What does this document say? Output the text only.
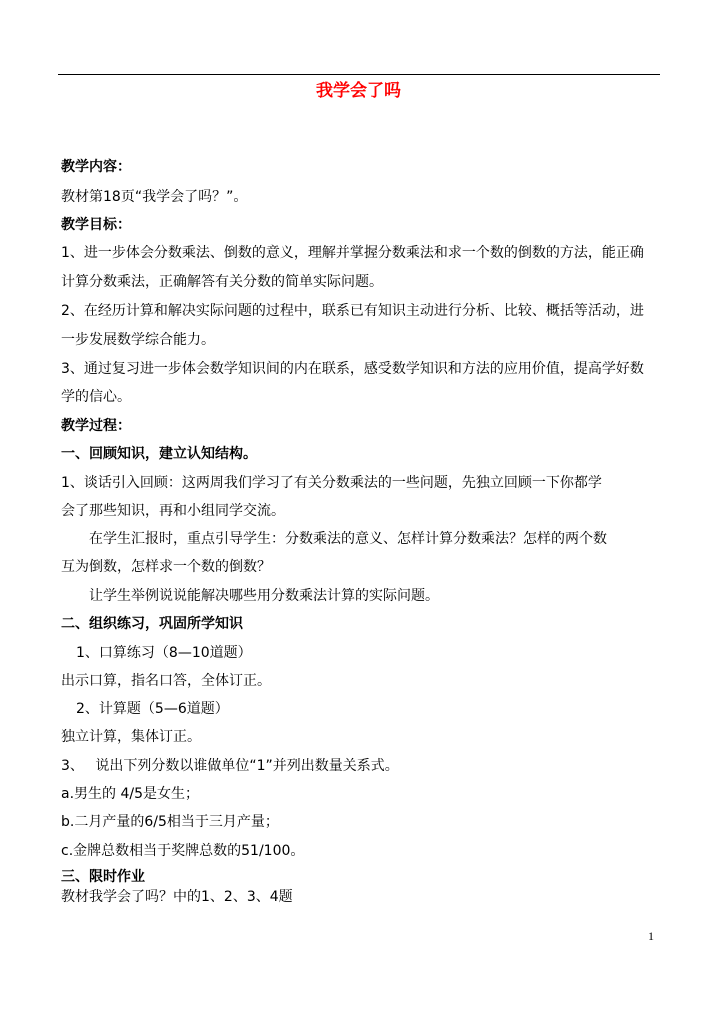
我学会了吗
教学内容：
教材第18页“我学会了吗？”。
教学目标：
1、进一步体会分数乘法、倒数的意义，理解并掌握分数乘法和求一个数的倒数的方法，能正确
计算分数乘法，正确解答有关分数的简单实际问题。
2、在经历计算和解决实际问题的过程中，联系已有知识主动进行分析、比较、概括等活动，进
一步发展数学综合能力。
3、通过复习进一步体会数学知识间的内在联系，感受数学知识和方法的应用价值，提高学好数
学的信心。
教学过程：
一、回顾知识，建立认知结构。
1、谈话引入回顾：这两周我们学习了有关分数乘法的一些问题，先独立回顾一下你都学
会了那些知识，再和小组同学交流。
在学生汇报时，重点引导学生：分数乘法的意义、怎样计算分数乘法？怎样的两个数
互为倒数，怎样求一个数的倒数？
让学生举例说说能解决哪些用分数乘法计算的实际问题。
二、组织练习，巩固所学知识
1、口算练习（8—10道题）
出示口算，指名口答，全体订正。
2、计算题（5—6道题）
独立计算，集体订正。
3、　 说出下列分数以谁做单位“1”并列出数量关系式。
a.男生的 4/5是女生；
b.二月产量的6/5相当于三月产量；
c.金牌总数相当于奖牌总数的51/100。
三、限时作业
教材我学会了吗？中的1、2、3、4题
1
